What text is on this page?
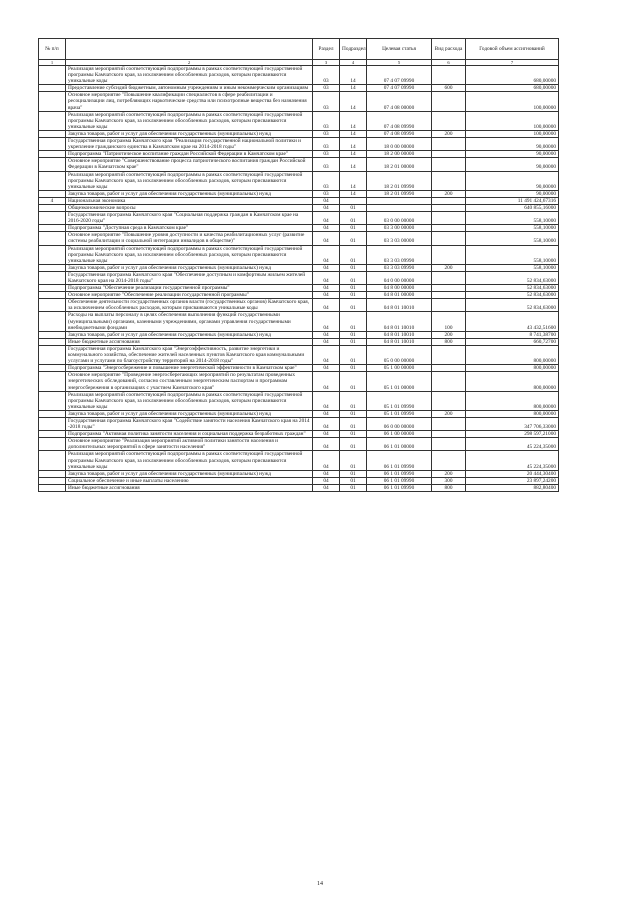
№ п/п		Раздел	Подраздел	Целевая статья	Вид расхода	Годовой объем ассигнований
1	2	3	4	5	6	7
	Реализация мероприятий соответствующей подпрограммы в рамках соответствующей государственной программы Камчатского края, за исключением обособленных расходов, которым присваиваются уникальные коды	03	14	07 4 07 09990		680,00000
	Предоставление субсидий бюджетным, автономным учреждениям и иным некоммерческим организациям	03	14	07 4 07 09990	600	680,00000
	Основное мероприятие "Повышение квалификации специалистов в сфере реабилитации и ресоциализации лиц, потребляющих наркотические средства или психотропные вещества без назначения врача"	03	14	07 4 08 00000		100,00000
	Реализация мероприятий соответствующей подпрограммы в рамках соответствующей государственной программы Камчатского края, за исключением обособленных расходов, которым присваиваются уникальные коды	03	14	07 4 08 09990		100,00000
	Закупка товаров, работ и услуг для обеспечения государственных (муниципальных) нужд	03	14	07 4 08 09990	200	100,00000
	Государственная программа Камчатского края "Реализация государственной национальной политики и укрепление гражданского единства в Камчатском крае на 2014-2018 годы"	03	14	18 0 00 00000		90,00000
	Подпрограмма "Патриотическое воспитание граждан Российской Федерации в Камчатском крае"	03	14	18 2 00 00000		90,00000
	Основное мероприятие "Совершенствование процесса патриотического воспитания граждан Российской Федерации в Камчатском крае"	03	14	18 2 01 00000		90,00000
	Реализация мероприятий соответствующей подпрограммы в рамках соответствующей государственной программы Камчатского края, за исключением обособленных расходов, которым присваиваются уникальные коды	03	14	18 2 01 09990		90,00000
	Закупка товаров, работ и услуг для обеспечения государственных (муниципальных) нужд	03	14	18 2 01 09990	200	90,00000
4	Национальная экономика	04				11 491 424,67316
	Общеэкономические вопросы	04	01			640 855,16000
	Государственная программа Камчатского края "Социальная поддержка граждан в Камчатском крае на 2016-2020 годы"	04	01	03 0 00 00000		558,10000
	Подпрограмма "Доступная среда в Камчатском крае"	04	01	03 3 00 00000		558,10000
	Основное мероприятие "Повышение уровня доступности и качества реабилитационных услуг (развитие системы реабилитации и социальной интеграции инвалидов в обществе)"	04	01	03 3 03 00000		558,10000
	Реализация мероприятий соответствующей подпрограммы в рамках соответствующей государственной программы Камчатского края, за исключением обособленных расходов, которым присваиваются уникальные коды	04	01	03 3 03 09990		558,10000
	Закупка товаров, работ и услуг для обеспечения государственных (муниципальных) нужд	04	01	03 3 03 09990	200	558,10000
	Государственная программа Камчатского края "Обеспечение доступным и комфортным жильем жителей Камчатского края на 2014-2018 годы"	04	01	04 0 00 00000		52 834,63000
	Подпрограмма "Обеспечение реализации государственной программы"	04	01	04 8 00 00000		52 834,63000
	Основное мероприятие "Обеспечение реализации государственной программы"	04	01	04 8 01 00000		52 834,63000
	Обеспечение деятельности государственных органов власти (государственных органов) Камчатского края, за исключением обособленных расходов, которым присваиваются уникальные коды	04	01	04 8 01 10010		52 834,63000
	Расходы на выплаты персоналу в целях обеспечения выполнения функций государственными (муниципальными) органами, казенными учреждениями, органами управления государственными внебюджетными фондами	04	01	04 8 01 10010	100	43 432,51600
	Закупка товаров, работ и услуг для обеспечения государственных (муниципальных) нужд	04	01	04 8 01 10010	200	8 741,38700
	Иные бюджетные ассигнования	04	01	04 8 01 10010	800	660,72700
	Государственная программа Камчатского края "Энергоэффективность, развитие энергетики и коммунального хозяйства, обеспечение жителей населенных пунктов Камчатского края коммунальными услугами и услугами по благоустройству территорий на 2014-2018 годы"	04	01	05 0 00 00000		800,00000
	Подпрограмма "Энергосбережение и повышение энергетической эффективности в Камчатском крае"	04	01	05 1 00 00000		800,00000
	Основное мероприятие "Проведение энергосберегающих мероприятий по результатам проведенных энергетических обследований, согласно составленным энергетическим паспортам и программам энергосбережения в организациях с участием Камчатского края"	04	01	05 1 01 00000		800,00000
	Реализация мероприятий соответствующей подпрограммы в рамках соответствующей государственной программы Камчатского края, за исключением обособленных расходов, которым присваиваются уникальные коды	04	01	05 1 01 09990		800,00000
	Закупка товаров, работ и услуг для обеспечения государственных (муниципальных) нужд	04	01	05 1 01 09990	200	800,00000
	Государственная программа Камчатского края "Содействие занятости населения Камчатского края на 2014 -2018 годы"	04	01	06 0 00 00000		347 706,33000
	Подпрограмма "Активная политика занятости населения и социальная поддержка безработных граждан"	04	01	06 1 00 00000		298 597,21000
	Основное мероприятие "Реализация мероприятий активной политики занятости населения и дополнительных мероприятий в сфере занятости населения"	04	01	06 1 01 00000		45 224,35000
	Реализация мероприятий соответствующей подпрограммы в рамках соответствующей государственной программы Камчатского края, за исключением обособленных расходов, которым присваиваются уникальные коды	04	01	06 1 01 09990		45 224,35000
	Закупка товаров, работ и услуг для обеспечения государственных (муниципальных) нужд	04	01	06 1 01 09990	200	20 444,30400
	Социальное обеспечение и иные выплаты населению	04	01	06 1 01 09990	300	23 897,24200
	Иные бюджетные ассигнования	04	01	06 1 01 09990	800	882,80400
14
